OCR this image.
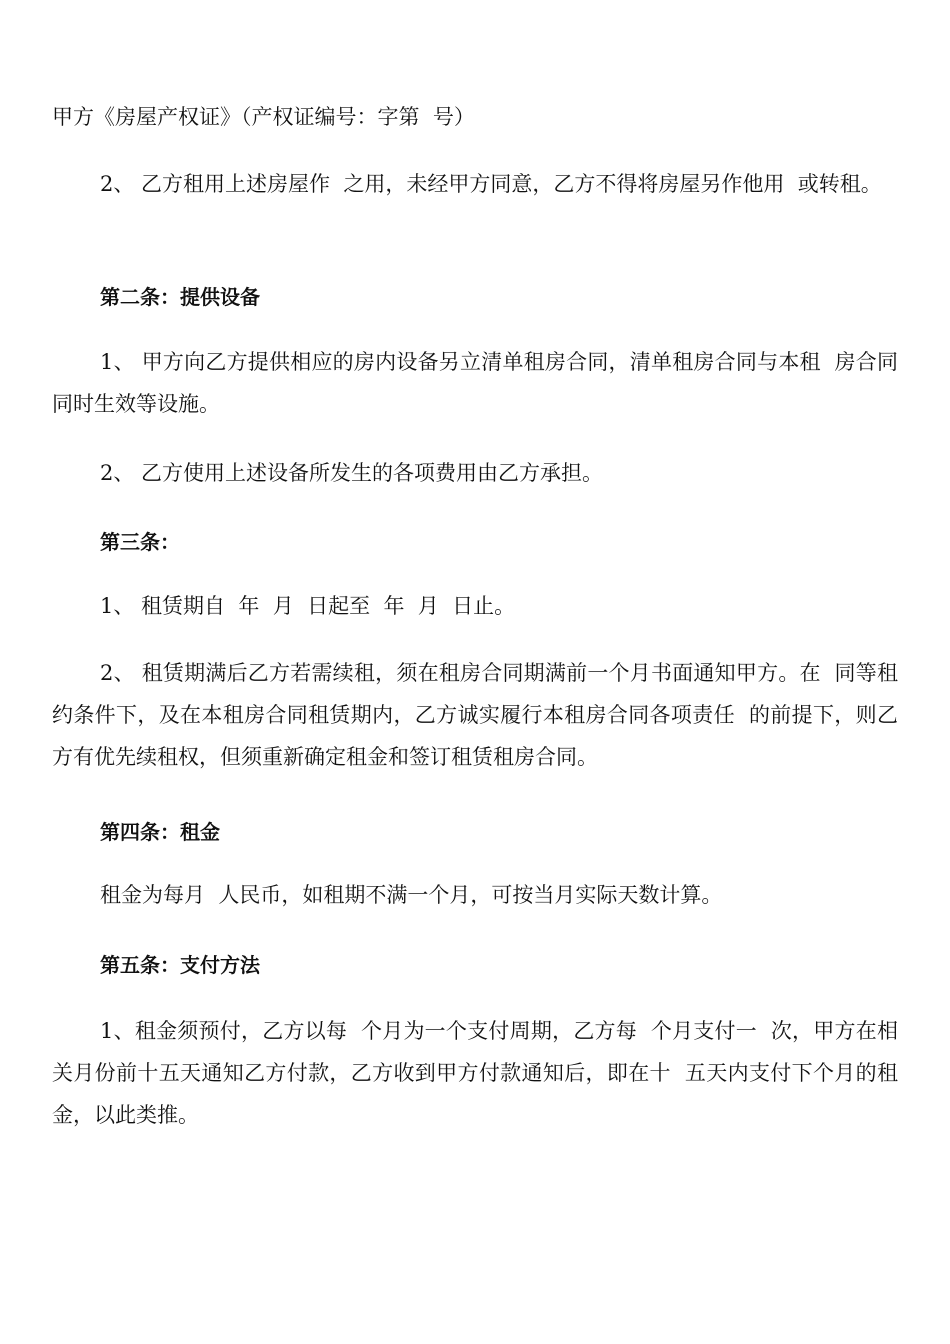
甲方《房屋产权证》（产权证编号：字第  号）

2、 乙方租用上述房屋作  之用，未经甲方同意，乙方不得将房屋另作他用  或转租。

第二条：提供设备

1、 甲方向乙方提供相应的房内设备另立清单租房合同，清单租房合同与本租  房合同同时生效等设施。

2、 乙方使用上述设备所发生的各项费用由乙方承担。

第三条：

1、 租赁期自  年  月  日起至  年  月  日止。

2、 租赁期满后乙方若需续租，须在租房合同期满前一个月书面通知甲方。在  同等租约条件下，及在本租房合同租赁期内，乙方诚实履行本租房合同各项责任  的前提下，则乙方有优先续租权，但须重新确定租金和签订租赁租房合同。

第四条：租金

租金为每月  人民币，如租期不满一个月，可按当月实际天数计算。

第五条：支付方法

1、租金须预付，乙方以每  个月为一个支付周期，乙方每  个月支付一  次，甲方在相关月份前十五天通知乙方付款，乙方收到甲方付款通知后，即在十  五天内支付下个月的租金，以此类推。
